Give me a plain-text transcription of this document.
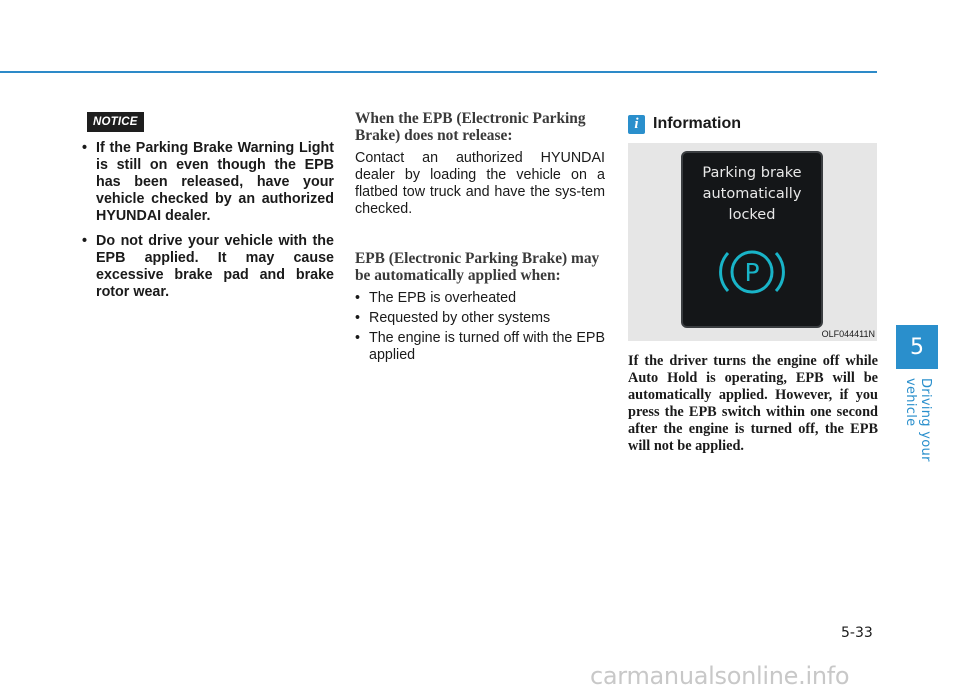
NOTICE
• If the Parking Brake Warning Light is still on even though the EPB has been released, have your vehicle checked by an authorized HYUNDAI dealer.
• Do not drive your vehicle with the EPB applied. It may cause excessive brake pad and brake rotor wear.
When the EPB (Electronic Parking Brake) does not release:

Contact an authorized HYUNDAI dealer by loading the vehicle on a flatbed tow truck and have the sys-tem checked.

EPB (Electronic Parking Brake) may be automatically applied when:
• The EPB is overheated
• Requested by other systems
• The engine is turned off with the EPB applied
i Information
Parking brake
automatically
locked
P
OLF044411N

If the driver turns the engine off while Auto Hold is operating, EPB will be automatically applied. However, if you press the EPB switch within one second after the engine is turned off, the EPB will not be applied.

5
Driving your vehicle
5-33
carmanualsonline.info
